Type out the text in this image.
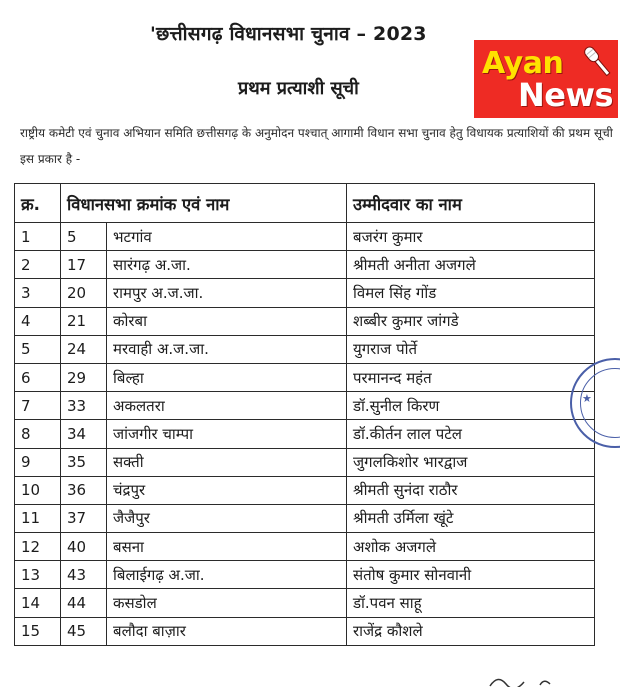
'छत्तीसगढ़ विधानसभा चुनाव – 2023
प्रथम प्रत्याशी सूची
Ayan
News
राष्ट्रीय कमेटी एवं चुनाव अभियान समिति छत्तीसगढ़ के अनुमोदन पश्चात् आगामी विधान सभा चुनाव हेतु विधायक प्रत्याशियों की प्रथम सूची इस प्रकार है -
क्र.	विधानसभा क्रमांक एवं नाम		उम्मीदवार का नाम
1	5	भटगांव	बजरंग कुमार
2	17	सारंगढ़ अ.जा.	श्रीमती अनीता अजगले
3	20	रामपुर अ.ज.जा.	विमल सिंह गोंड
4	21	कोरबा	शब्बीर कुमार जांगडे
5	24	मरवाही अ.ज.जा.	युगराज पोर्ते
6	29	बिल्हा	परमानन्द महंत
7	33	अकलतरा	डॉ.सुनील किरण
8	34	जांजगीर चाम्पा	डॉ.कीर्तन लाल पटेल
9	35	सक्ती	जुगलकिशोर भारद्वाज
10	36	चंद्रपुर	श्रीमती सुनंदा राठौर
11	37	जैजैपुर	श्रीमती उर्मिला खूंटे
12	40	बसना	अशोक अजगले
13	43	बिलाईगढ़ अ.जा.	संतोष कुमार सोनवानी
14	44	कसडोल	डॉ.पवन साहू
15	45	बलौदा बाज़ार	राजेंद्र कौशले
★
